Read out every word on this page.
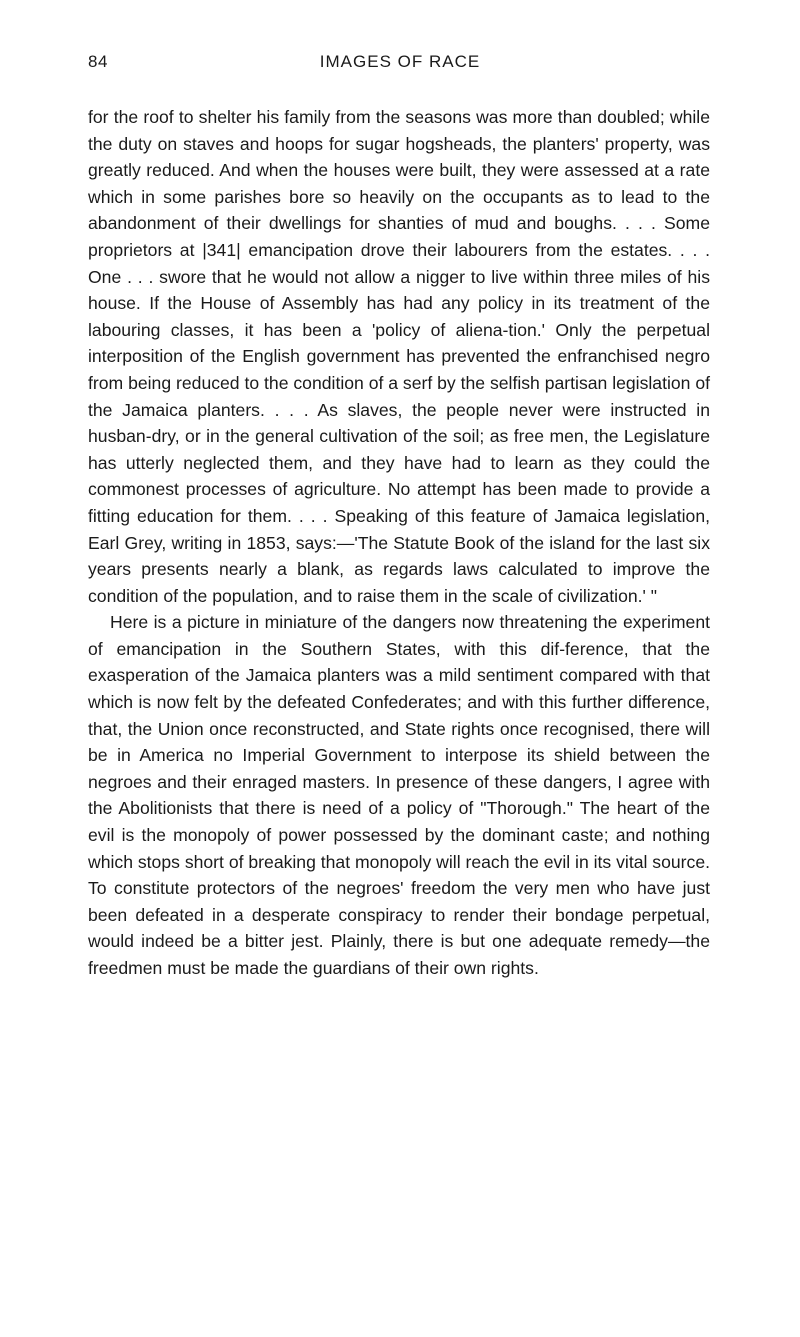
84	IMAGES OF RACE

for the roof to shelter his family from the seasons was more than doubled; while the duty on staves and hoops for sugar hogsheads, the planters' property, was greatly reduced. And when the houses were built, they were assessed at a rate which in some parishes bore so heavily on the occupants as to lead to the abandonment of their dwellings for shanties of mud and boughs. . . . Some proprietors at |341| emancipation drove their labourers from the estates. . . . One . . . swore that he would not allow a nigger to live within three miles of his house. If the House of Assembly has had any policy in its treatment of the labouring classes, it has been a 'policy of aliena-tion.' Only the perpetual interposition of the English government has prevented the enfranchised negro from being reduced to the condition of a serf by the selfish partisan legislation of the Jamaica planters. . . . As slaves, the people never were instructed in husban-dry, or in the general cultivation of the soil; as free men, the Legislature has utterly neglected them, and they have had to learn as they could the commonest processes of agriculture. No attempt has been made to provide a fitting education for them. . . . Speaking of this feature of Jamaica legislation, Earl Grey, writing in 1853, says:—'The Statute Book of the island for the last six years presents nearly a blank, as regards laws calculated to improve the condition of the population, and to raise them in the scale of civilization.' "

Here is a picture in miniature of the dangers now threatening the experiment of emancipation in the Southern States, with this dif-ference, that the exasperation of the Jamaica planters was a mild sentiment compared with that which is now felt by the defeated Confederates; and with this further difference, that, the Union once reconstructed, and State rights once recognised, there will be in America no Imperial Government to interpose its shield between the negroes and their enraged masters. In presence of these dangers, I agree with the Abolitionists that there is need of a policy of "Thorough." The heart of the evil is the monopoly of power possessed by the dominant caste; and nothing which stops short of breaking that monopoly will reach the evil in its vital source. To constitute protectors of the negroes' freedom the very men who have just been defeated in a desperate conspiracy to render their bondage perpetual, would indeed be a bitter jest. Plainly, there is but one adequate remedy—the freedmen must be made the guardians of their own rights.
